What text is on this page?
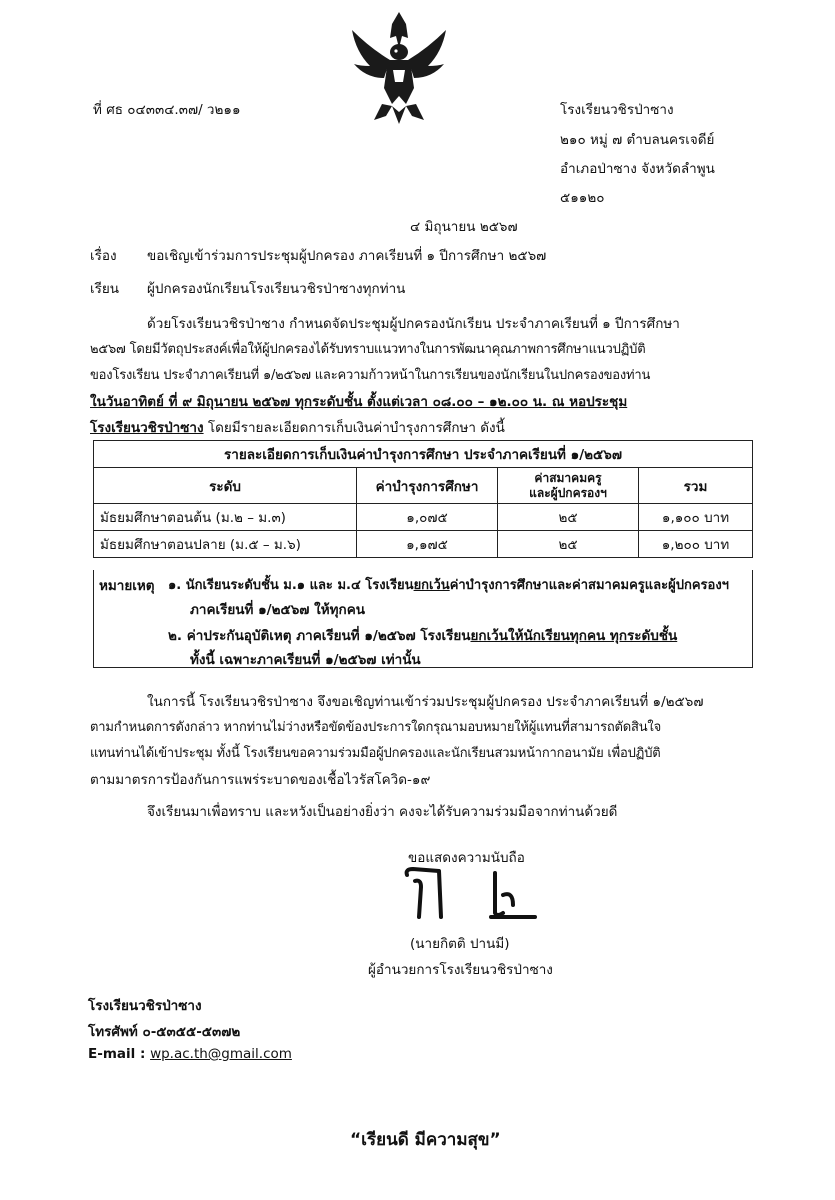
ที่ ศธ ๐๔๓๓๔.๓๗/ ว๒๑๑	โรงเรียนวชิรป่าซาง
๒๑๐ หมู่ ๗ ตำบลนครเจดีย์
อำเภอป่าซาง จังหวัดลำพูน
๕๑๑๒๐
๔ มิถุนายน ๒๕๖๗
เรื่อง ขอเชิญเข้าร่วมการประชุมผู้ปกครอง ภาคเรียนที่ ๑ ปีการศึกษา ๒๕๖๗
เรียน ผู้ปกครองนักเรียนโรงเรียนวชิรป่าซางทุกท่าน
ด้วยโรงเรียนวชิรป่าซาง กำหนดจัดประชุมผู้ปกครองนักเรียน ประจำภาคเรียนที่ ๑ ปีการศึกษา
๒๕๖๗ โดยมีวัตถุประสงค์เพื่อให้ผู้ปกครองได้รับทราบแนวทางในการพัฒนาคุณภาพการศึกษาแนวปฏิบัติ
ของโรงเรียน ประจำภาคเรียนที่ ๑/๒๕๖๗ และความก้าวหน้าในการเรียนของนักเรียนในปกครองของท่าน
ในวันอาทิตย์ ที่ ๙ มิถุนายน ๒๕๖๗ ทุกระดับชั้น ตั้งแต่เวลา ๐๘.๐๐ – ๑๒.๐๐ น. ณ หอประชุม
โรงเรียนวชิรป่าซาง โดยมีรายละเอียดการเก็บเงินค่าบำรุงการศึกษา ดังนี้
รายละเอียดการเก็บเงินค่าบำรุงการศึกษา ประจำภาคเรียนที่ ๑/๒๕๖๗			
ระดับ	ค่าบำรุงการศึกษา	ค่าสมาคมครู
และผู้ปกครองฯ	รวม
มัธยมศึกษาตอนต้น (ม.๒ – ม.๓)	๑,๐๗๕	๒๕	๑,๑๐๐ บาท
มัธยมศึกษาตอนปลาย (ม.๕ – ม.๖)	๑,๑๗๕	๒๕	๑,๒๐๐ บาท
หมายเหตุ ๑. นักเรียนระดับชั้น ม.๑ และ ม.๔ โรงเรียนยกเว้นค่าบำรุงการศึกษาและค่าสมาคมครูและผู้ปกครองฯ
ภาคเรียนที่ ๑/๒๕๖๗ ให้ทุกคน
๒. ค่าประกันอุบัติเหตุ ภาคเรียนที่ ๑/๒๕๖๗ โรงเรียนยกเว้นให้นักเรียนทุกคน ทุกระดับชั้น
ทั้งนี้ เฉพาะภาคเรียนที่ ๑/๒๕๖๗ เท่านั้น
ในการนี้ โรงเรียนวชิรป่าซาง จึงขอเชิญท่านเข้าร่วมประชุมผู้ปกครอง ประจำภาคเรียนที่ ๑/๒๕๖๗
ตามกำหนดการดังกล่าว หากท่านไม่ว่างหรือขัดข้องประการใดกรุณามอบหมายให้ผู้แทนที่สามารถตัดสินใจ
แทนท่านได้เข้าประชุม ทั้งนี้ โรงเรียนขอความร่วมมือผู้ปกครองและนักเรียนสวมหน้ากากอนามัย เพื่อปฏิบัติ
ตามมาตรการป้องกันการแพร่ระบาดของเชื้อไวรัสโควิด-๑๙
จึงเรียนมาเพื่อทราบ และหวังเป็นอย่างยิ่งว่า คงจะได้รับความร่วมมือจากท่านด้วยดี
ขอแสดงความนับถือ
(นายกิตติ ปานมี)
ผู้อำนวยการโรงเรียนวชิรป่าซาง
โรงเรียนวชิรป่าซาง
โทรศัพท์ ๐-๕๓๕๕-๕๓๗๒
E-mail : wp.ac.th@gmail.com
“เรียนดี มีความสุข”
